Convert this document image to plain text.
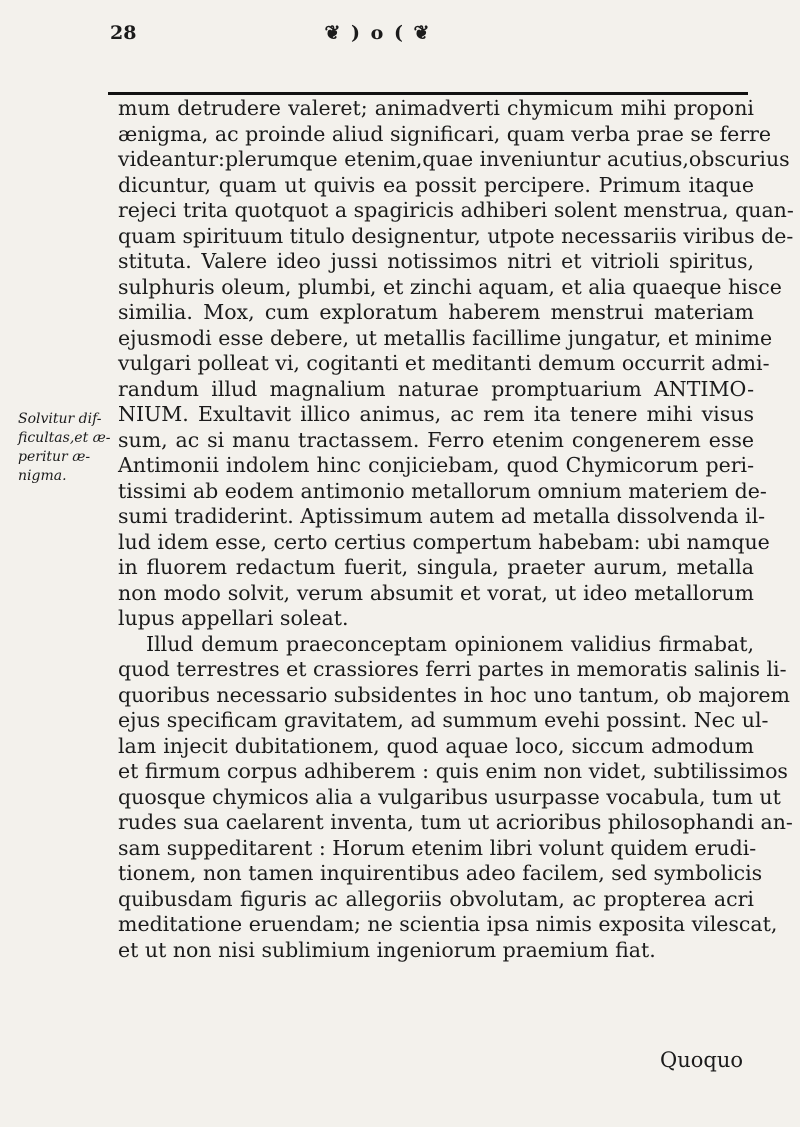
28	❦ ) o ( ❦
Solvitur dif-
ficultas,et æ-
peritur æ-
nigma.
mum detrudere valeret; animadverti chymicum mihi proponi
ænigma, ac proinde aliud significari, quam verba prae se ferre
videantur:plerumque etenim,quae inveniuntur acutius,obscurius
dicuntur, quam ut quivis ea possit percipere. Primum itaque
rejeci trita quotquot a spagiricis adhiberi solent menstrua, quan-
quam spirituum titulo designentur, utpote necessariis viribus de-
stituta. Valere ideo jussi notissimos nitri et vitrioli spiritus,
sulphuris oleum, plumbi, et zinchi aquam, et alia quaeque hisce
similia. Mox, cum exploratum haberem menstrui materiam
ejusmodi esse debere, ut metallis facillime jungatur, et minime
vulgari polleat vi, cogitanti et meditanti demum occurrit admi-
randum illud magnalium naturae promptuarium ANTIMO-
NIUM. Exultavit illico animus, ac rem ita tenere mihi visus
sum, ac si manu tractassem. Ferro etenim congenerem esse
Antimonii indolem hinc conjiciebam, quod Chymicorum peri-
tissimi ab eodem antimonio metallorum omnium materiem de-
sumi tradiderint. Aptissimum autem ad metalla dissolvenda il-
lud idem esse, certo certius compertum habebam: ubi namque
in fluorem redactum fuerit, singula, praeter aurum, metalla
non modo solvit, verum absumit et vorat, ut ideo metallorum
lupus appellari soleat.
Illud demum praeconceptam opinionem validius firmabat,
quod terrestres et crassiores ferri partes in memoratis salinis li-
quoribus necessario subsidentes in hoc uno tantum, ob majorem
ejus specificam gravitatem, ad summum evehi possint. Nec ul-
lam injecit dubitationem, quod aquae loco, siccum admodum
et firmum corpus adhiberem : quis enim non videt, subtilissimos
quosque chymicos alia a vulgaribus usurpasse vocabula, tum ut
rudes sua caelarent inventa, tum ut acrioribus philosophandi an-
sam suppeditarent : Horum etenim libri volunt quidem erudi-
tionem, non tamen inquirentibus adeo facilem, sed symbolicis
quibusdam figuris ac allegoriis obvolutam, ac propterea acri
meditatione eruendam; ne scientia ipsa nimis exposita vilescat,
et ut non nisi sublimium ingeniorum praemium fiat.
Quoquo
